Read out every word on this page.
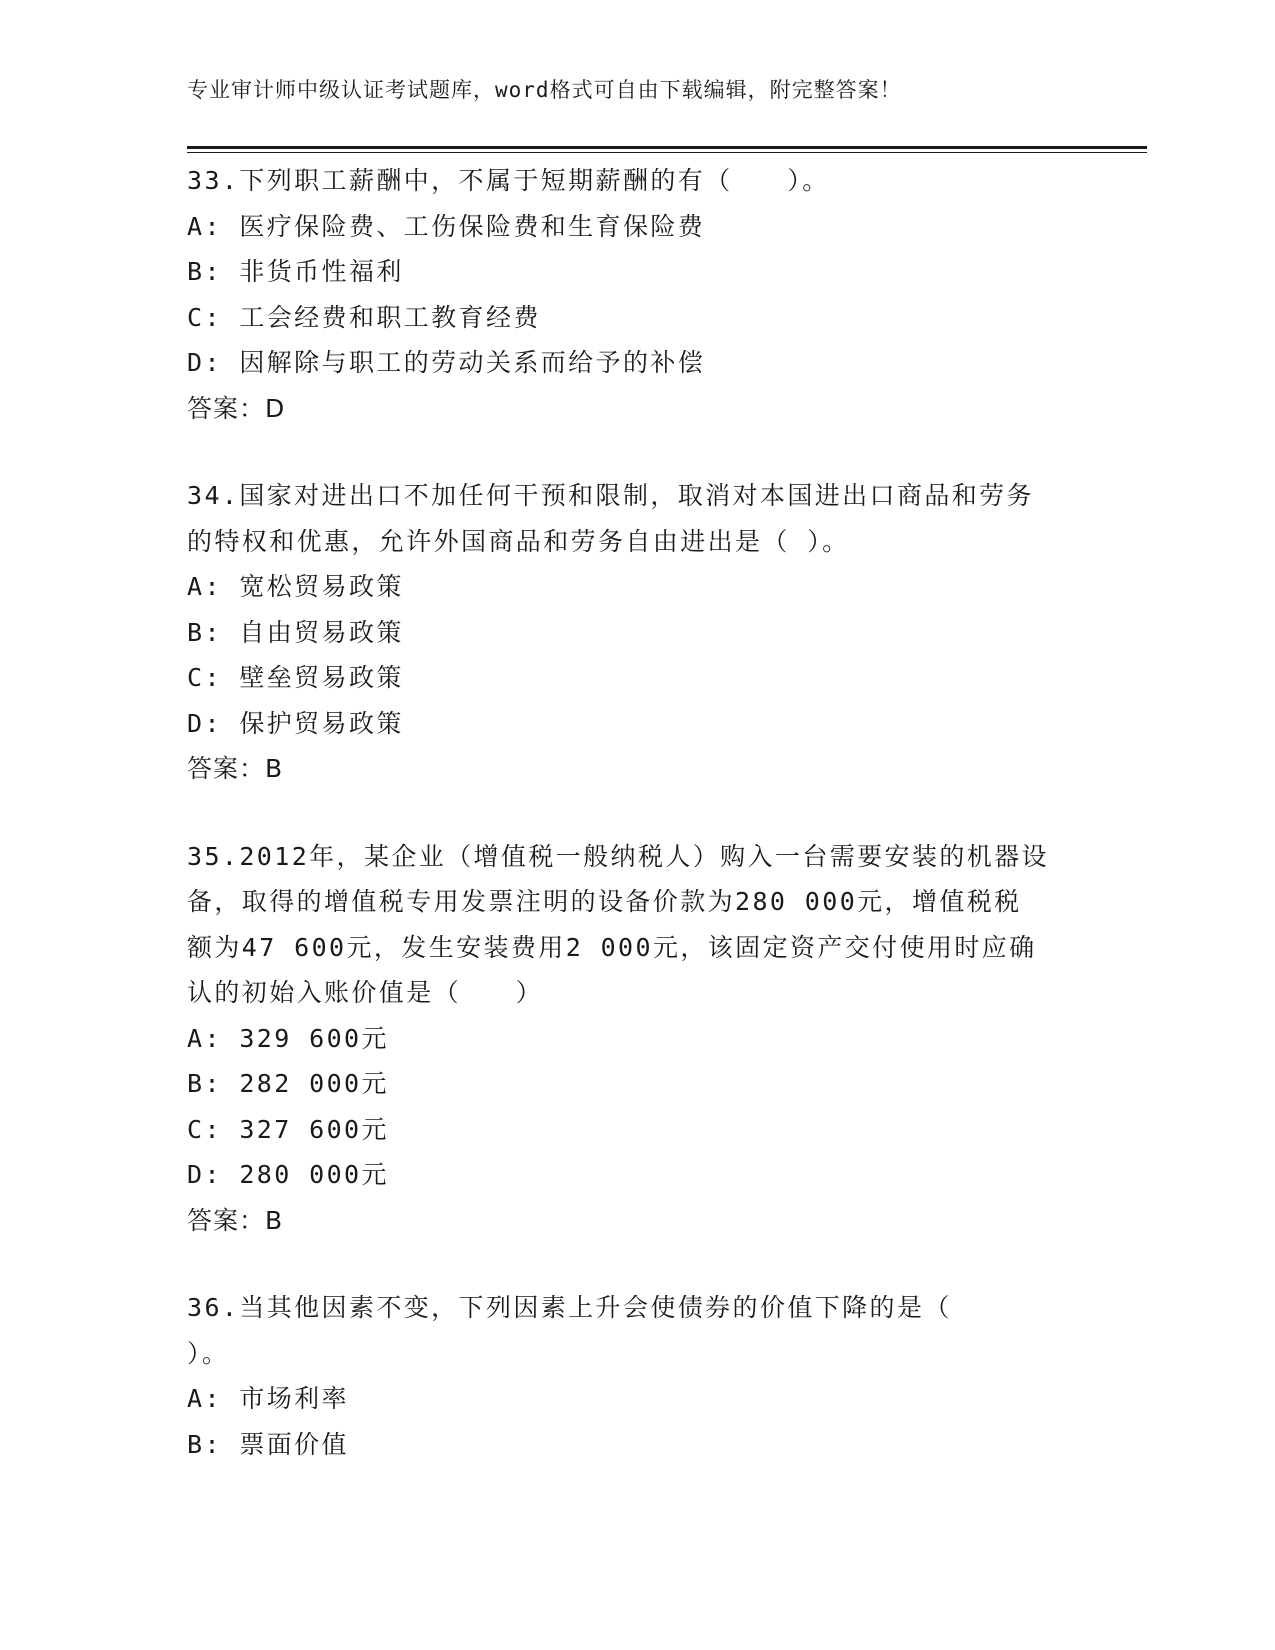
专业审计师中级认证考试题库，word格式可自由下载编辑，附完整答案！
33.下列职工薪酬中，不属于短期薪酬的有（　　）。
A: 医疗保险费、工伤保险费和生育保险费
B: 非货币性福利
C: 工会经费和职工教育经费
D: 因解除与职工的劳动关系而给予的补偿
答案：D
34.国家对进出口不加任何干预和限制，取消对本国进出口商品和劳务
的特权和优惠，允许外国商品和劳务自由进出是（ ）。
A: 宽松贸易政策
B: 自由贸易政策
C: 壁垒贸易政策
D: 保护贸易政策
答案：B
35.2012年，某企业（增值税一般纳税人）购入一台需要安装的机器设
备，取得的增值税专用发票注明的设备价款为280 000元，增值税税
额为47 600元，发生安装费用2 000元，该固定资产交付使用时应确
认的初始入账价值是（　　）
A: 329 600元
B: 282 000元
C: 327 600元
D: 280 000元
答案：B
36.当其他因素不变，下列因素上升会使债券的价值下降的是（
）。
A: 市场利率
B: 票面价值
